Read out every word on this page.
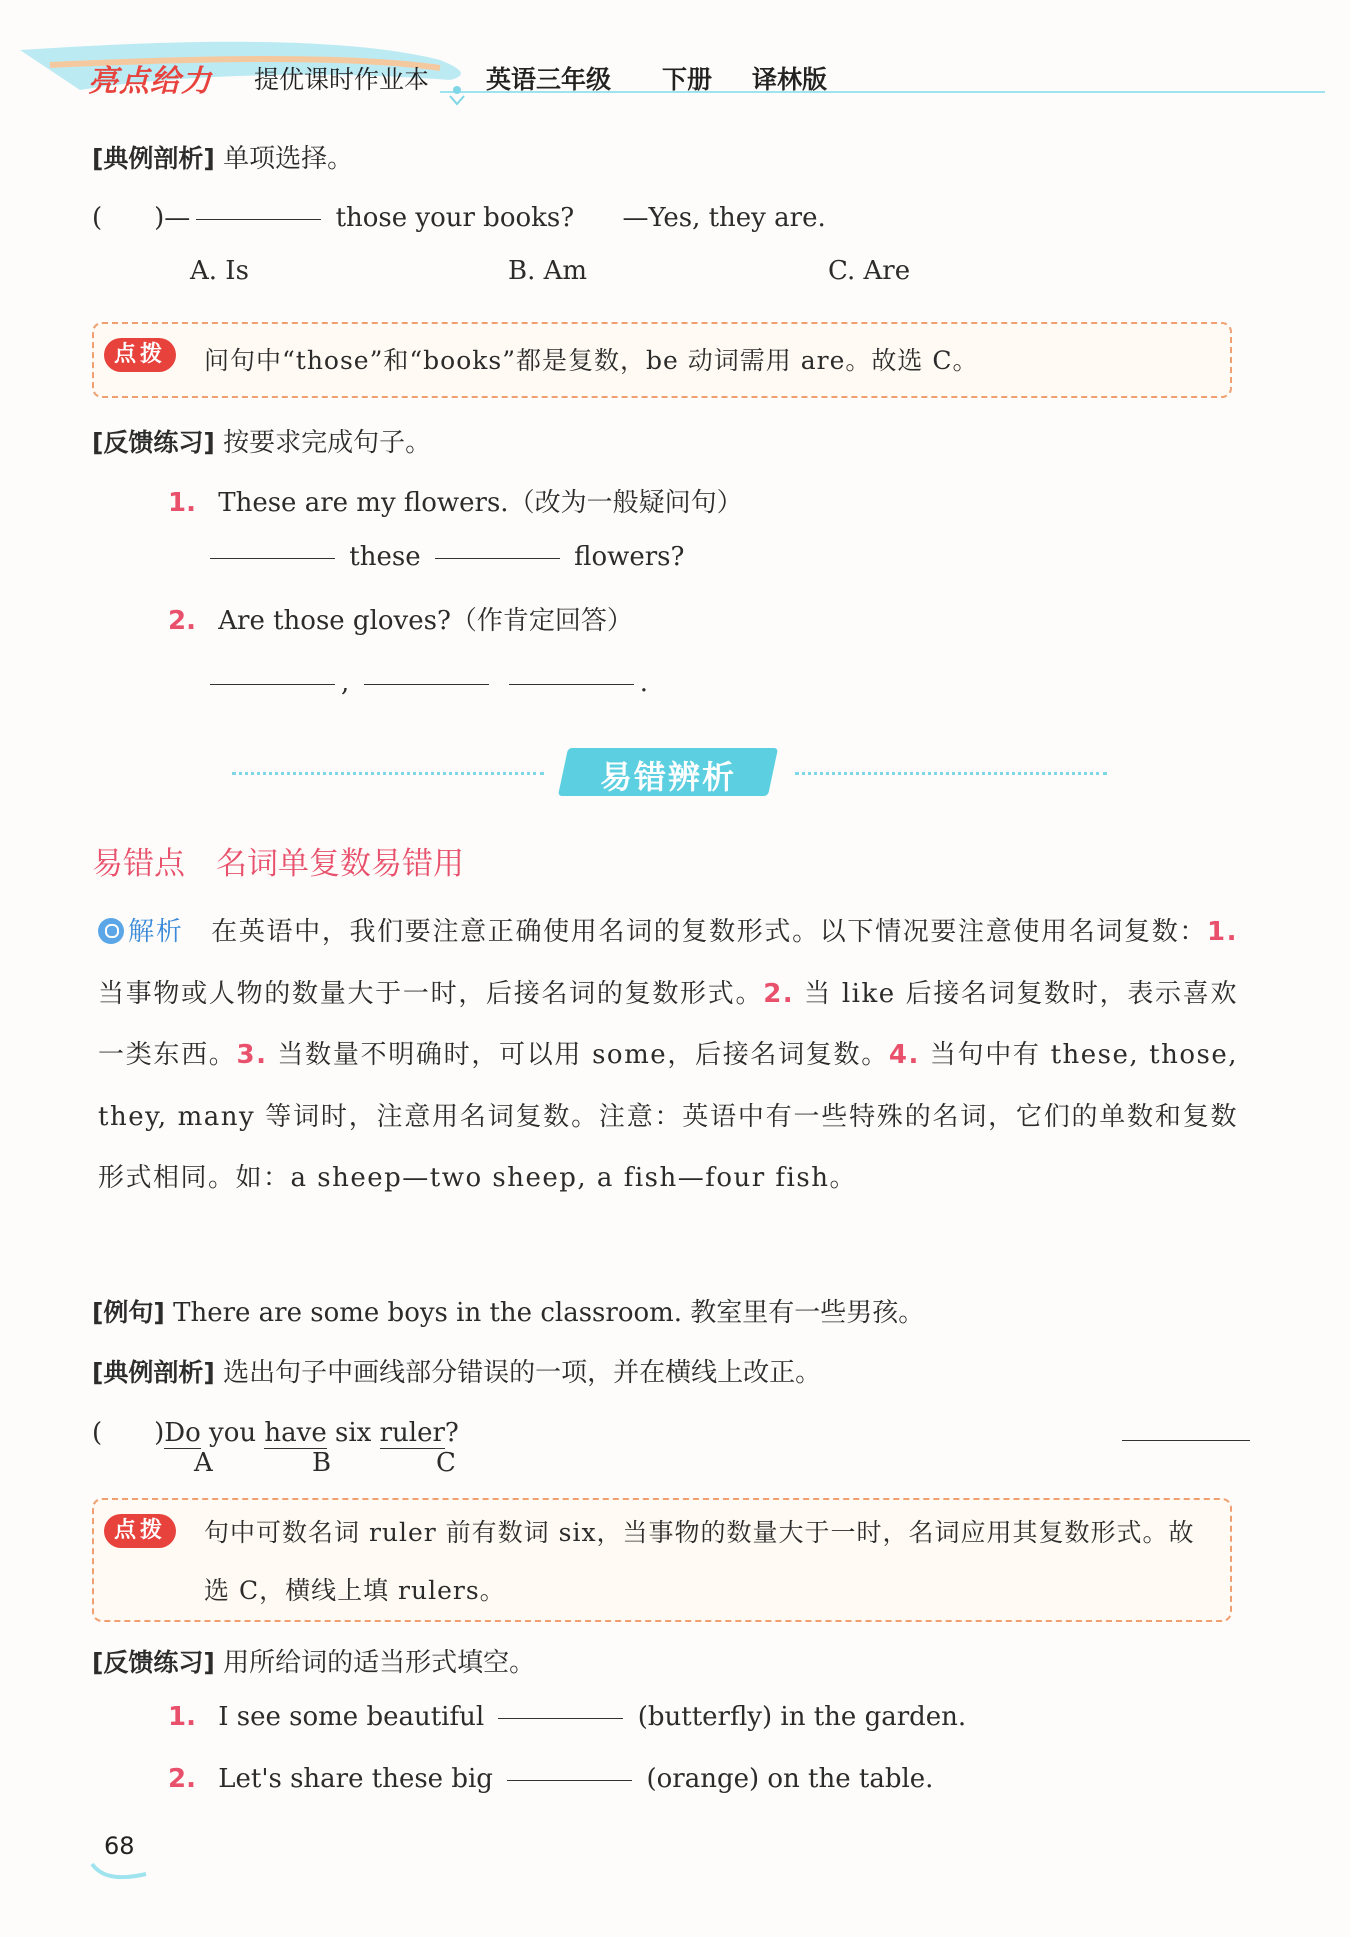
亮点给力 提优课时作业本 英语三年级 下册 译林版
[典例剖析] 单项选择。
(　　)—	those your books? —Yes, they are.
A. Is	B. Am	C. Are
点拨	问句中“those”和“books”都是复数，be 动词需用 are。故选 C。
[反馈练习] 按要求完成句子。
1. These are my flowers.（改为一般疑问句）
these	flowers?
2. Are those gloves?（作肯定回答）
,	.
易错辨析
易错点　名词单复数易错用
解析　在英语中，我们要注意正确使用名词的复数形式。以下情况要注意使用名词复数：1. 当事物或人物的数量大于一时，后接名词的复数形式。2. 当 like 后接名词复数时，表示喜欢一类东西。3. 当数量不明确时，可以用 some，后接名词复数。4. 当句中有 these, those, they, many 等词时，注意用名词复数。注意：英语中有一些特殊的名词，它们的单数和复数形式相同。如：a sheep—two sheep, a fish—four fish。
[例句] There are some boys in the classroom. 教室里有一些男孩。
[典例剖析] 选出句子中画线部分错误的一项，并在横线上改正。
(　　)Do you have six ruler?
A	B	C
点拨	句中可数名词 ruler 前有数词 six，当事物的数量大于一时，名词应用其复数形式。故选 C，横线上填 rulers。
[反馈练习] 用所给词的适当形式填空。
1. I see some beautiful	(butterfly) in the garden.
2. Let's share these big	(orange) on the table.
68
